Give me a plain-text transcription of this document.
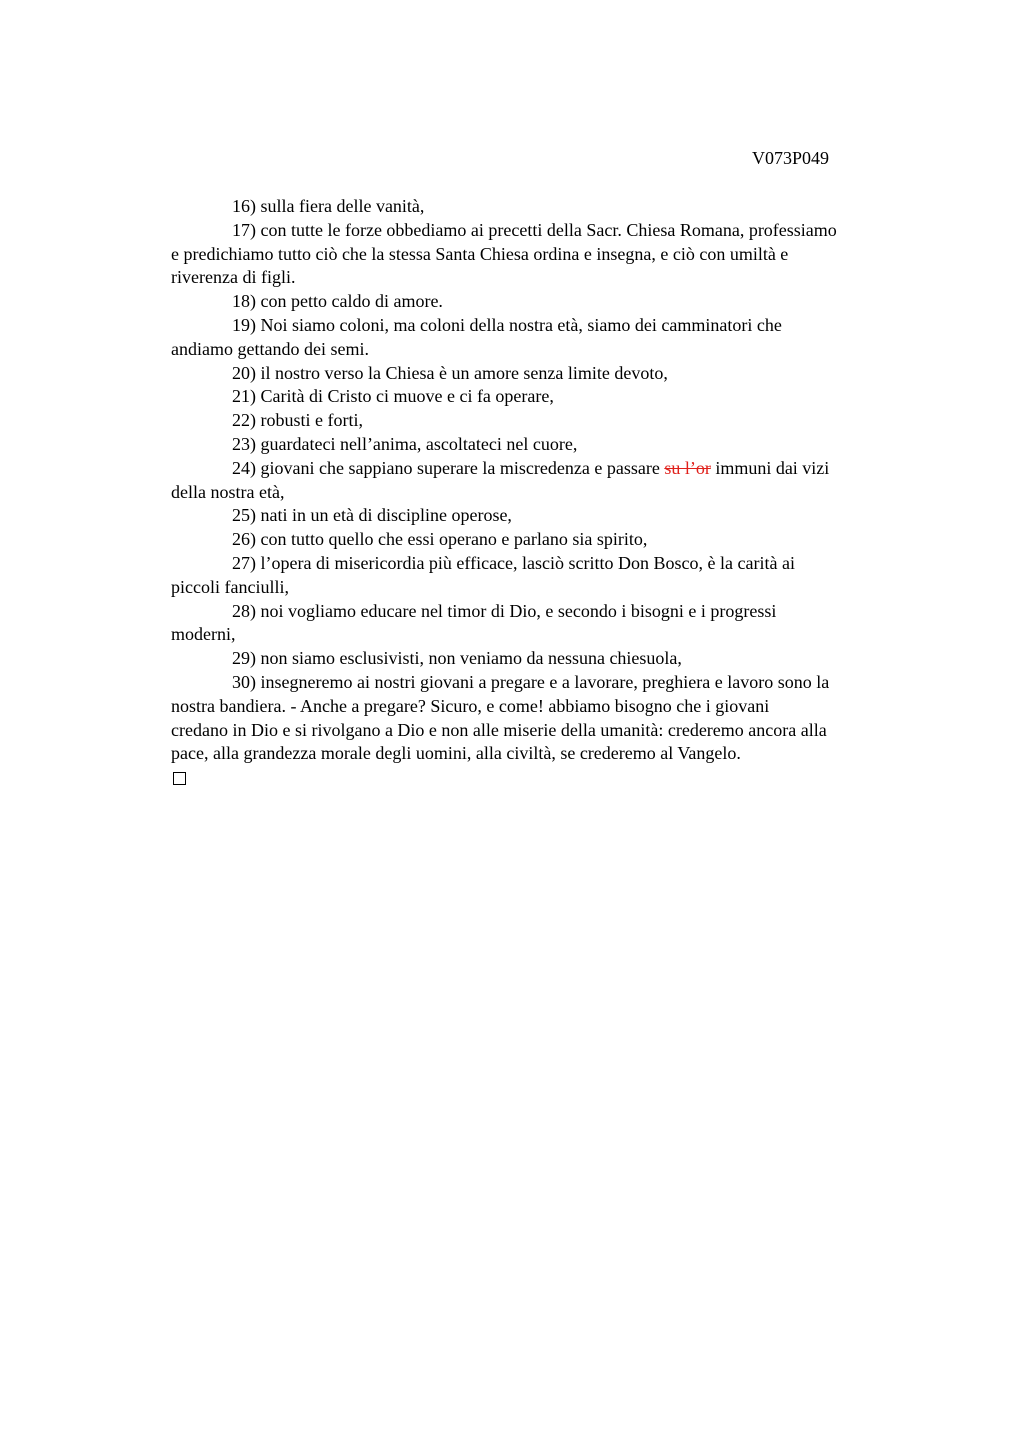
V073P049

16) sulla fiera delle vanità,

17) con tutte le forze obbediamo ai precetti della Sacr. Chiesa Romana, professiamo

e predichiamo tutto ciò che la stessa Santa Chiesa ordina e insegna, e ciò con umiltà e

riverenza di figli.

18) con petto caldo di amore.

19) Noi siamo coloni, ma coloni della nostra età, siamo dei camminatori che

andiamo gettando dei semi.

20) il nostro verso la Chiesa è un amore senza limite devoto,

21) Carità di Cristo ci muove e ci fa operare,

22) robusti e forti,

23) guardateci nell’anima, ascoltateci nel cuore,

24) giovani che sappiano superare la miscredenza e passare su l’or immuni dai vizi

della nostra età,

25) nati in un età di discipline operose,

26) con tutto quello che essi operano e parlano sia spirito,

27) l’opera di misericordia più efficace, lasciò scritto Don Bosco, è la carità ai

piccoli fanciulli,

28) noi vogliamo educare nel timor di Dio, e secondo i bisogni e i progressi

moderni,

29) non siamo esclusivisti, non veniamo da nessuna chiesuola,

30) insegneremo ai nostri giovani a pregare e a lavorare, preghiera e lavoro sono la

nostra bandiera. - Anche a pregare? Sicuro, e come! abbiamo bisogno che i giovani

credano in Dio e si rivolgano a Dio e non alle miserie della umanità: crederemo ancora alla

pace, alla grandezza morale degli uomini, alla civiltà, se crederemo al Vangelo.
